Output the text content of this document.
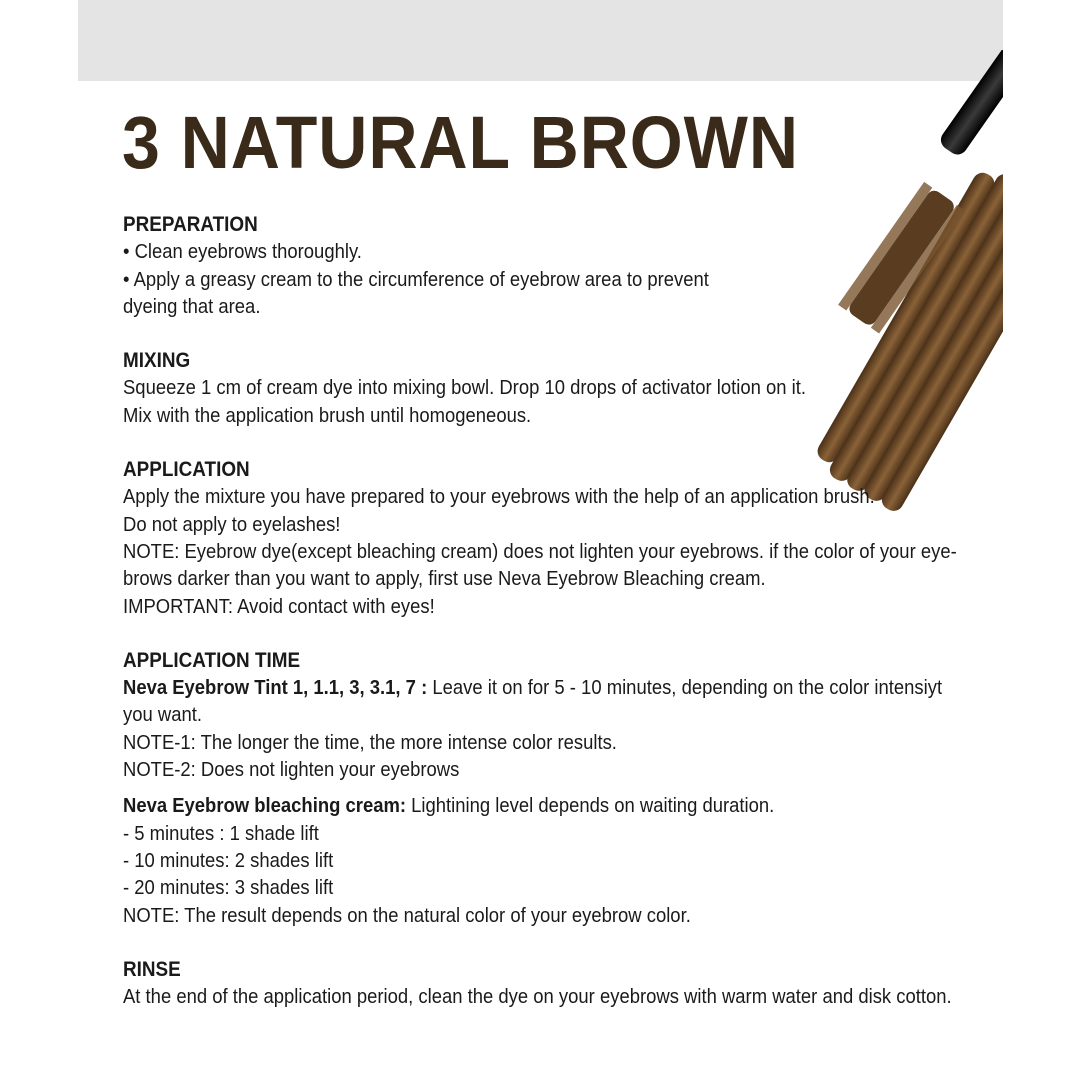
3 NATURAL BROWN

PREPARATION

• Clean eyebrows thoroughly.

• Apply a greasy cream to the circumference of eyebrow area to prevent

dyeing that area.

MIXING

Squeeze 1 cm of cream dye into mixing bowl. Drop 10 drops of activator lotion on it.

Mix with the application brush until homogeneous.

APPLICATION

Apply the mixture you have prepared to your eyebrows with the help of an application brush.

Do not apply to eyelashes!

NOTE: Eyebrow dye(except bleaching cream) does not lighten your eyebrows. if the color of your eye-

brows darker than you want to apply, first use Neva Eyebrow Bleaching cream.

IMPORTANT: Avoid contact with eyes!

APPLICATION TIME

Neva Eyebrow Tint 1, 1.1, 3, 3.1, 7 : Leave it on for 5 - 10 minutes, depending on the color intensiyt

you want.

NOTE-1: The longer the time, the more intense color results.

NOTE-2: Does not lighten your eyebrows

Neva Eyebrow bleaching cream: Lightining level depends on waiting duration.

- 5 minutes : 1 shade lift

- 10 minutes: 2 shades lift

- 20 minutes: 3 shades lift

NOTE: The result depends on the natural color of your eyebrow color.

RINSE

At the end of the application period, clean the dye on your eyebrows with warm water and disk cotton.
